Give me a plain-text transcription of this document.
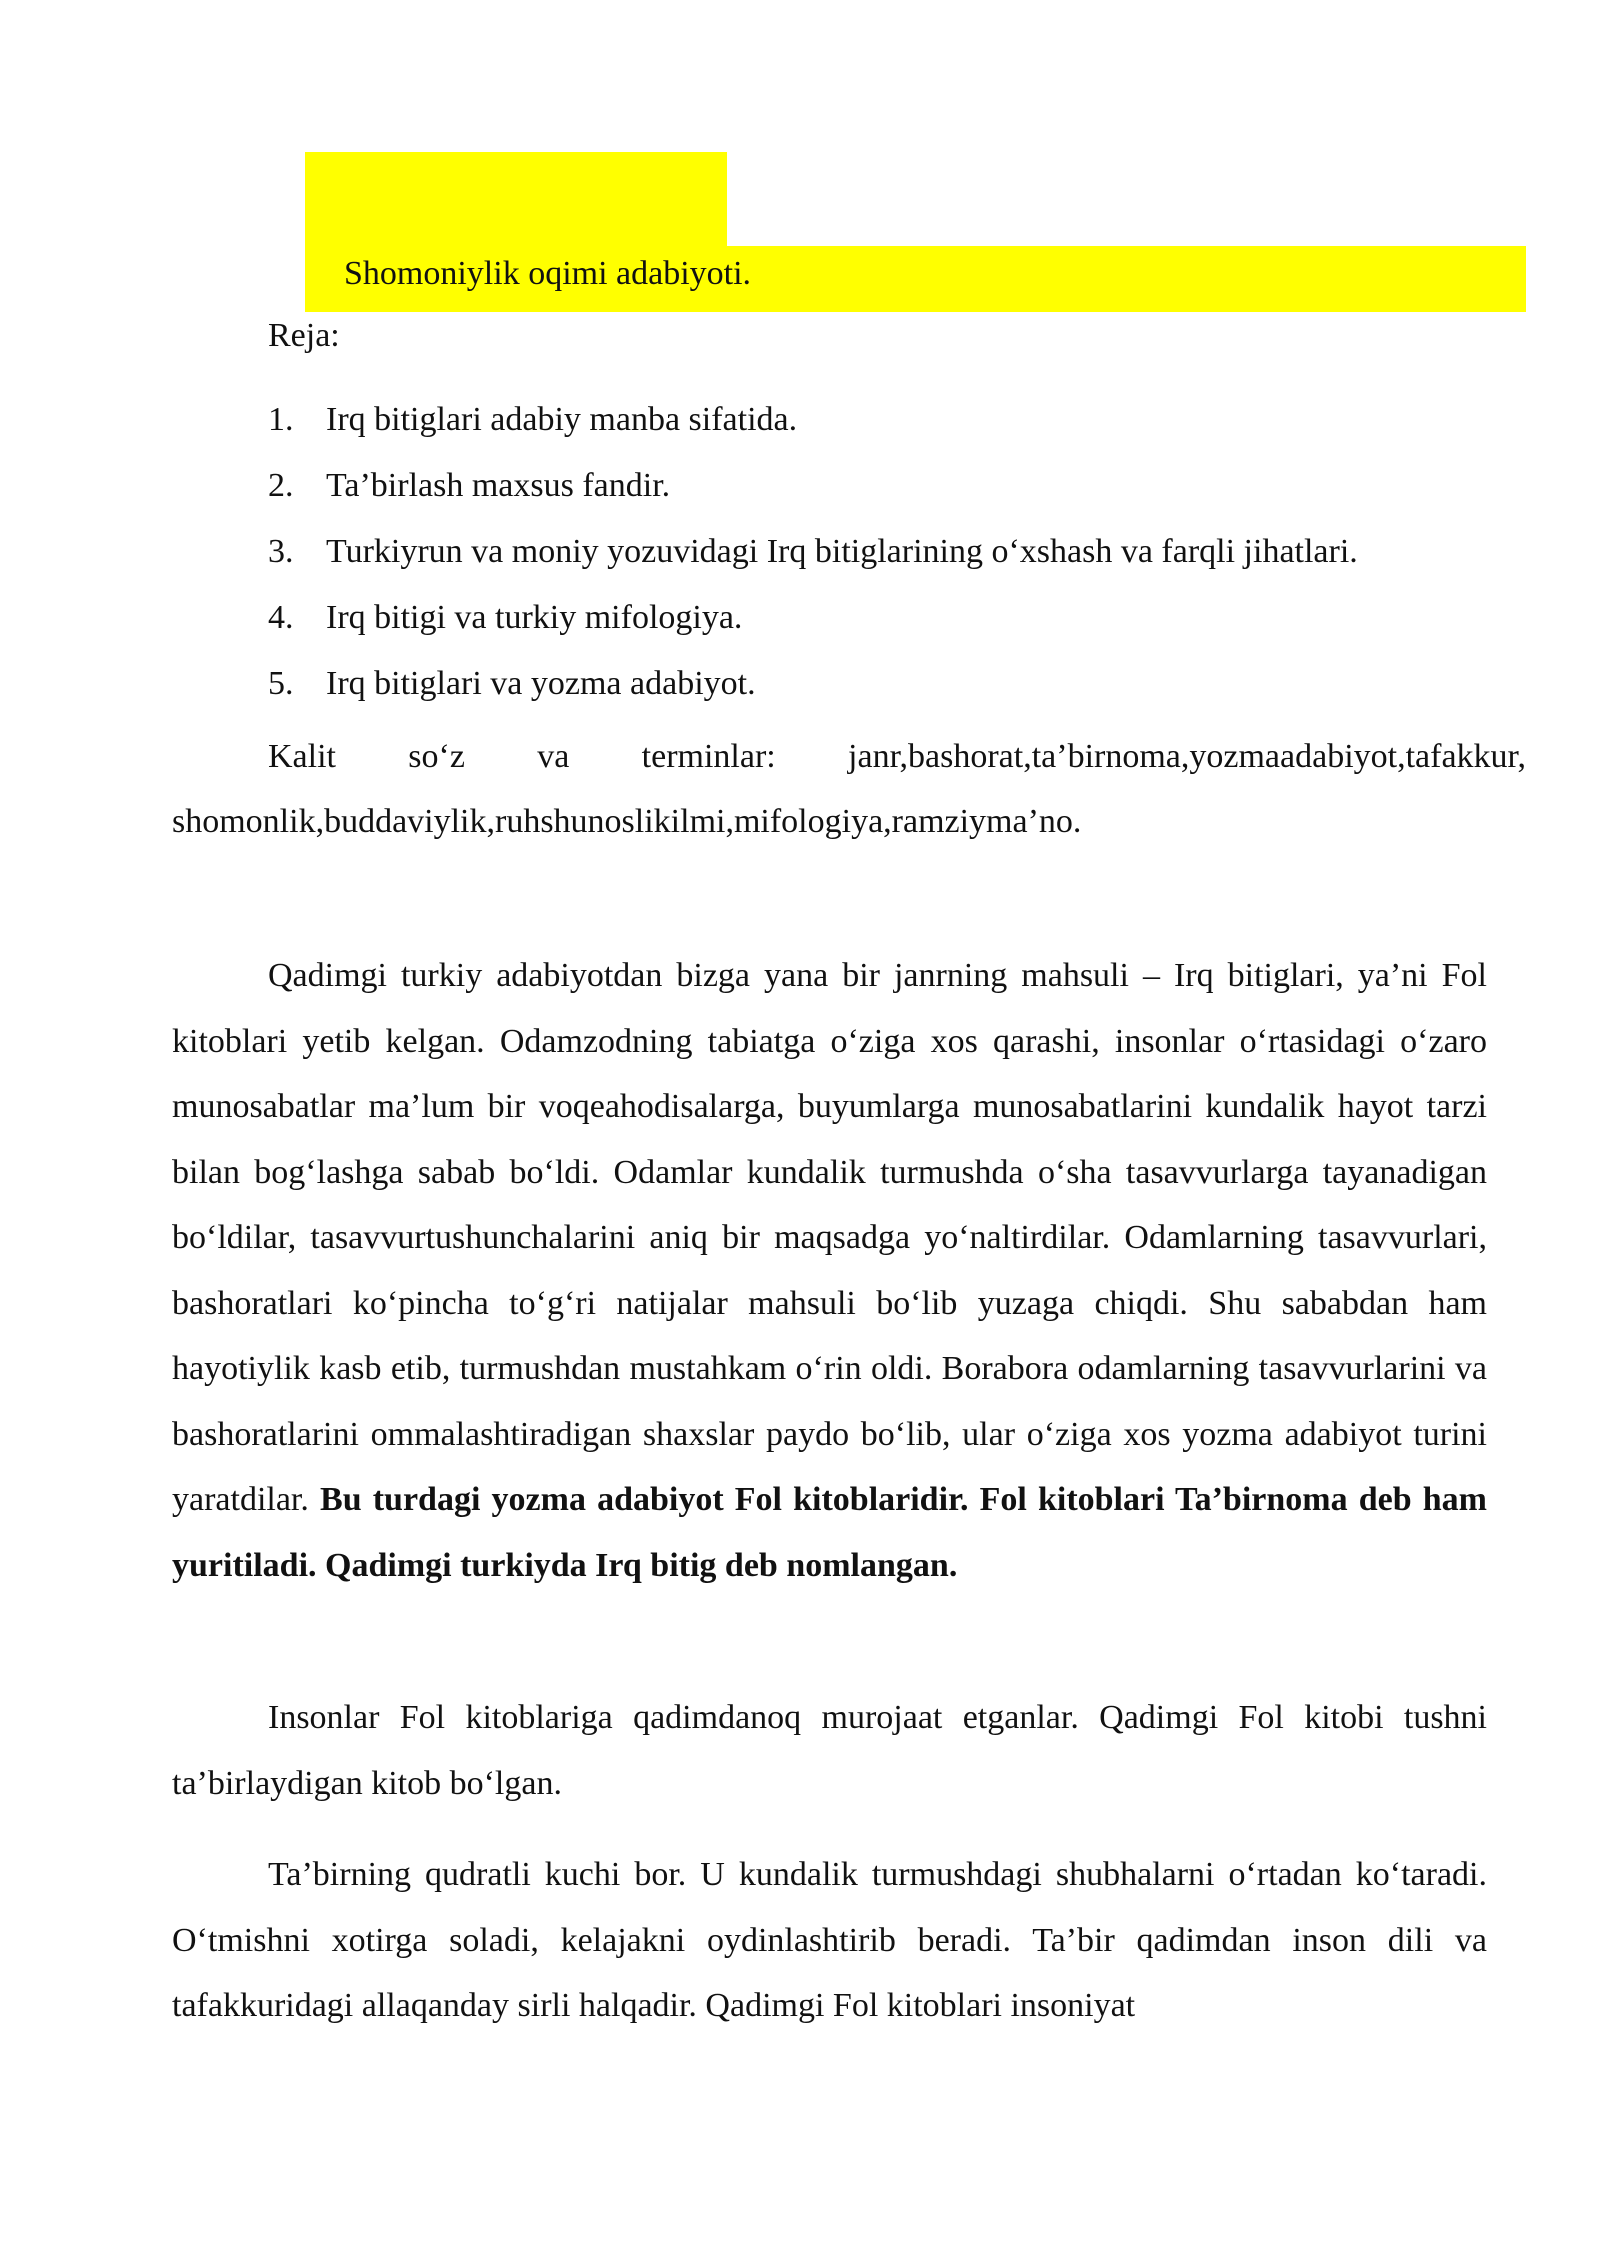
Shomoniylik oqimi adabiyoti.
Reja:
1. Irq bitiglari adabiy manba sifatida.
2. Ta’birlash maxsus fandir.
3. Turkiyrun va moniy yozuvidagi Irq bitiglarining o‘xshash va farqli jihatlari.
4. Irq bitigi va turkiy mifologiya.
5. Irq bitiglari va yozma adabiyot.

Kalit so‘z va terminlar: janr,bashorat,ta’birnoma,yozmaadabiyot,tafakkur, shomonlik,buddaviylik,ruhshunoslikilmi,mifologiya,ramziyma’no.

Qadimgi turkiy adabiyotdan bizga yana bir janrning mahsuli – Irq bitiglari, ya’ni Fol kitoblari yetib kelgan. Odamzodning tabiatga o‘ziga xos qarashi, insonlar o‘rtasidagi o‘zaro munosabatlar ma’lum bir voqeahodisalarga, buyumlarga munosabatlarini kundalik hayot tarzi bilan bog‘lashga sabab bo‘ldi. Odamlar kundalik turmushda o‘sha tasavvurlarga tayanadigan bo‘ldilar, tasavvurtushunchalarini aniq bir maqsadga yo‘naltirdilar. Odamlarning tasavvurlari, bashoratlari ko‘pincha to‘g‘ri natijalar mahsuli bo‘lib yuzaga chiqdi. Shu sababdan ham hayotiylik kasb etib, turmushdan mustahkam o‘rin oldi. Borabora odamlarning tasavvurlarini va bashoratlarini ommalashtiradigan shaxslar paydo bo‘lib, ular o‘ziga xos yozma adabiyot turini yaratdilar. Bu turdagi yozma adabiyot Fol kitoblaridir. Fol kitoblari Ta’birnoma deb ham yuritiladi. Qadimgi turkiyda Irq bitig deb nomlangan.

Insonlar Fol kitoblariga qadimdanoq murojaat etganlar. Qadimgi Fol kitobi tushni ta’birlaydigan kitob bo‘lgan.

Ta’birning qudratli kuchi bor. U kundalik turmushdagi shubhalarni o‘rtadan ko‘taradi. O‘tmishni xotirga soladi, kelajakni oydinlashtirib beradi. Ta’bir qadimdan inson dili va tafakkuridagi allaqanday sirli halqadir. Qadimgi Fol kitoblari insoniyat
